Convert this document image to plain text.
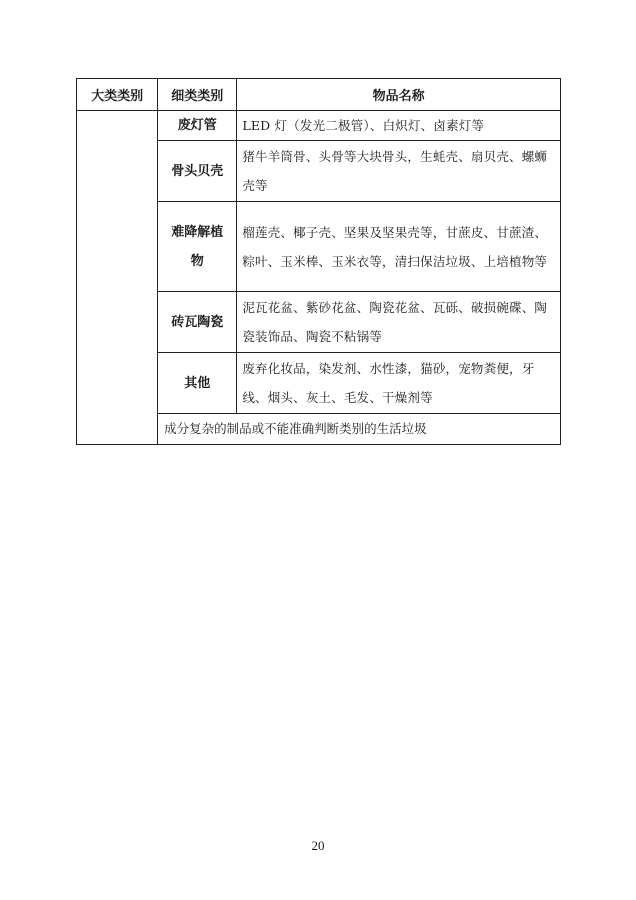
大类类别	细类类别	物品名称
	废灯管	LED 灯（发光二极管）、白炽灯、卤素灯等
	骨头贝壳	猪牛羊筒骨、头骨等大块骨头，生蚝壳、扇贝壳、螺蛳壳等
	难降解植物	榴莲壳、椰子壳、坚果及坚果壳等，甘蔗皮、甘蔗渣、粽叶、玉米棒、玉米衣等，清扫保洁垃圾、上培植物等
	砖瓦陶瓷	泥瓦花盆、紫砂花盆、陶瓷花盆、瓦砾、破损碗碟、陶瓷装饰品、陶瓷不粘锅等
	其他	废弃化妆品，染发剂、水性漆，猫砂，宠物粪便，牙线、烟头、灰土、毛发、干燥剂等
	成分复杂的制品或不能准确判断类别的生活垃圾	
20
